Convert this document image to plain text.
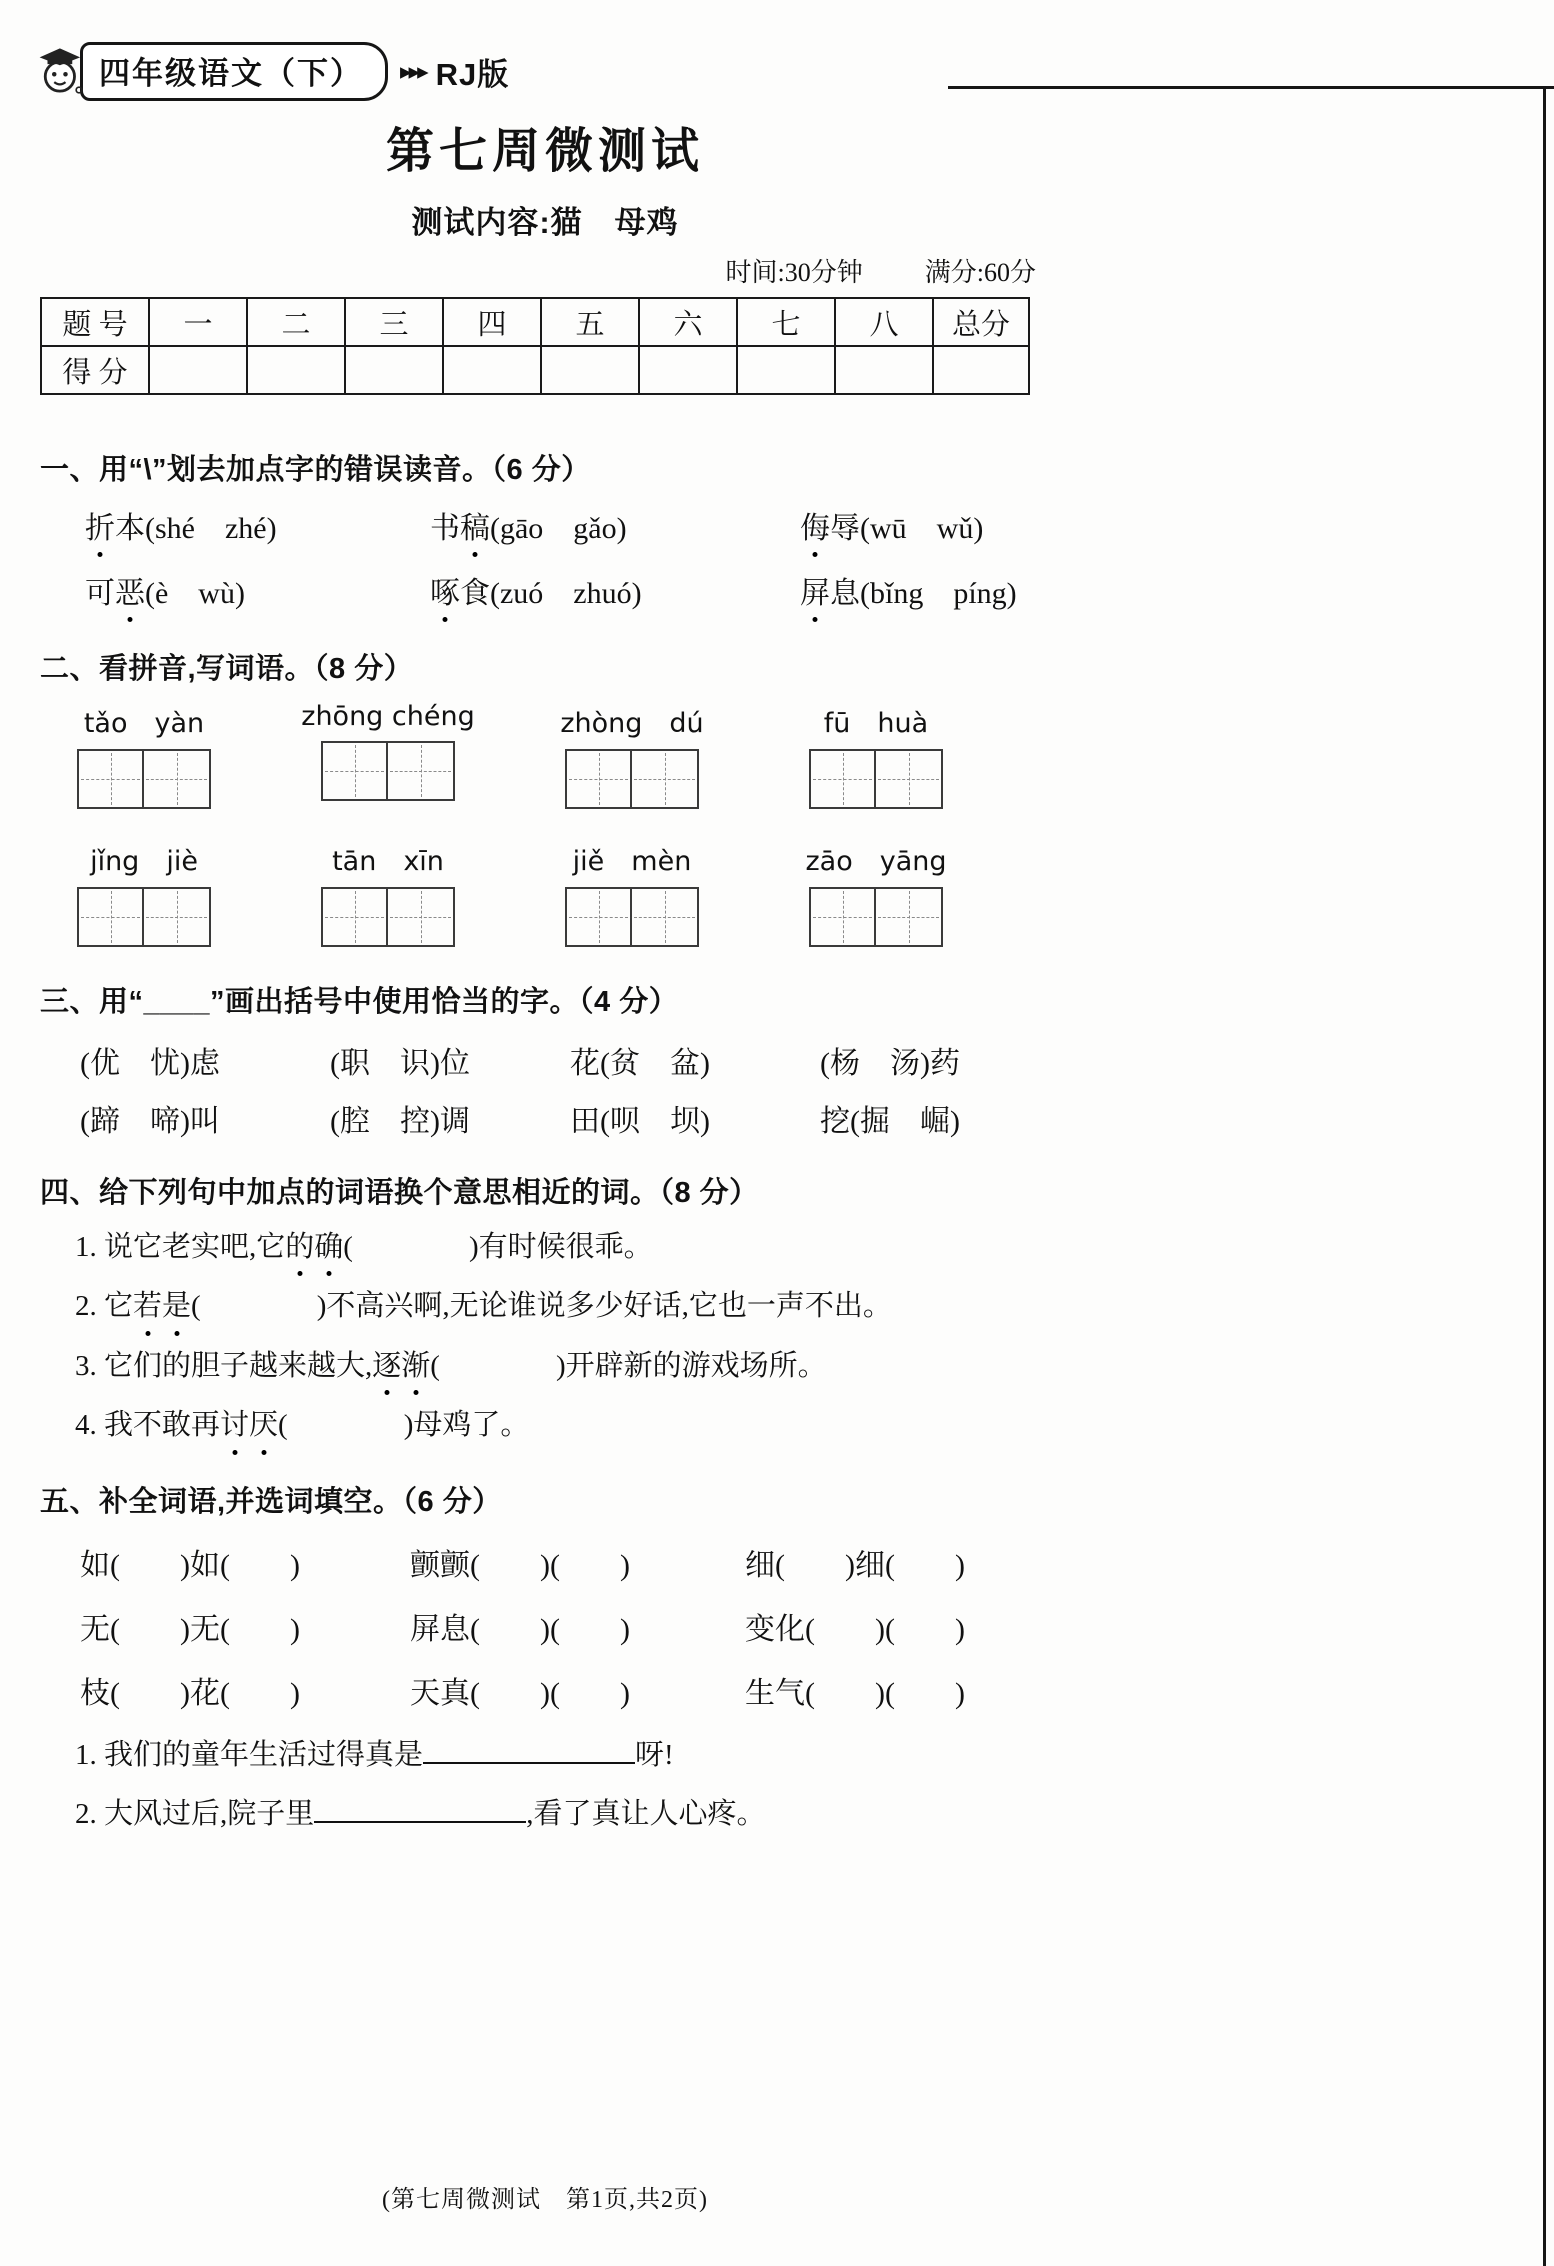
四年级语文（下）	▸▸▸ RJ版
第七周微测试
测试内容:猫　母鸡
时间:30分钟 满分:60分
题 号	一	二	三	四	五	六	七	八	总分
得 分									
一、用“\”划去加点字的错误读音。（6 分）
折本(shé　zhé)	书稿(gāo　gǎo)	侮辱(wū　wǔ)
可恶(è　wù)	啄食(zuó　zhuó)	屏息(bǐng　píng)
二、看拼音,写词语。（8 分）
tǎo　yàn	zhōng chéng	zhòng　dú	fū　huà
jǐng　jiè	tān　xīn	jiě　mèn	zāo　yāng
三、用“____”画出括号中使用恰当的字。（4 分）
(优　忧)虑	(职　识)位	花(贫　盆)	(杨　汤)药
(蹄　啼)叫	(腔　控)调	田(呗　坝)	挖(掘　崛)
四、给下列句中加点的词语换个意思相近的词。（8 分）
1. 说它老实吧,它的确(　　　　)有时候很乖。
2. 它若是(　　　　)不高兴啊,无论谁说多少好话,它也一声不出。
3. 它们的胆子越来越大,逐渐(　　　　)开辟新的游戏场所。
4. 我不敢再讨厌(　　　　)母鸡了。
五、补全词语,并选词填空。（6 分）
如(　　)如(　　)	颤颤(　　)(　　)	细(　　)细(　　)
无(　　)无(　　)	屏息(　　)(　　)	变化(　　)(　　)
枝(　　)花(　　)	天真(　　)(　　)	生气(　　)(　　)
1. 我们的童年生活过得真是	呀!
2. 大风过后,院子里	,看了真让人心疼。
(第七周微测试　第1页,共2页)
